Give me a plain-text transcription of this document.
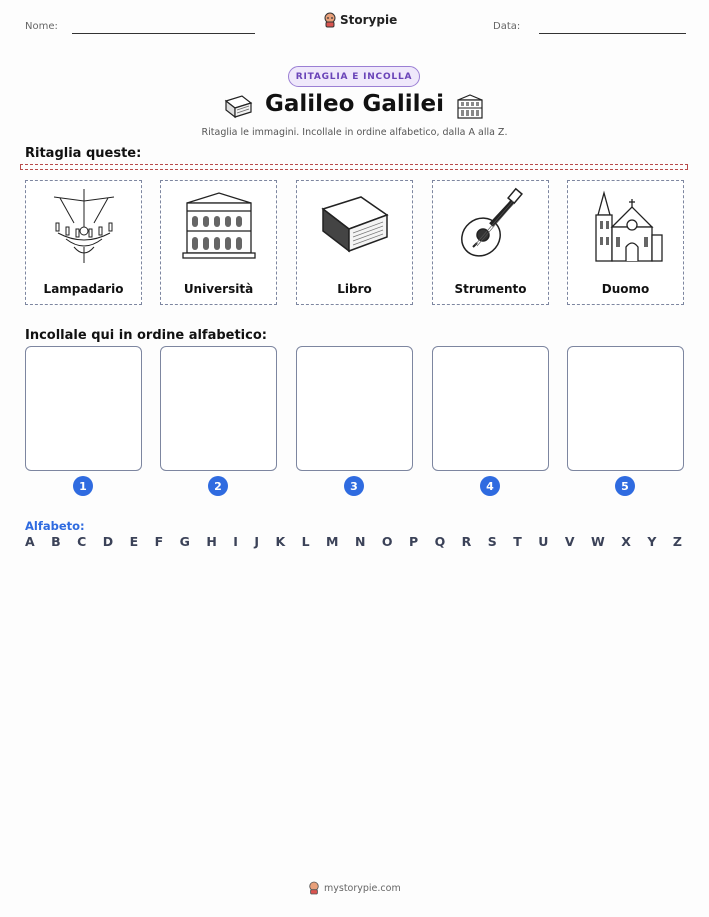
Nome:	Storypie	Data:
RITAGLIA E INCOLLA
Galileo Galilei
Ritaglia le immagini. Incollale in ordine alfabetico, dalla A alla Z.
Ritaglia queste:
Lampadario	Università	Libro	Strumento	Duomo
Incollale qui in ordine alfabetico:
1	2	3	4	5
Alfabeto:
A B C D E F G H I J K L M N O P Q R S T U V W X Y Z
mystorypie.com
